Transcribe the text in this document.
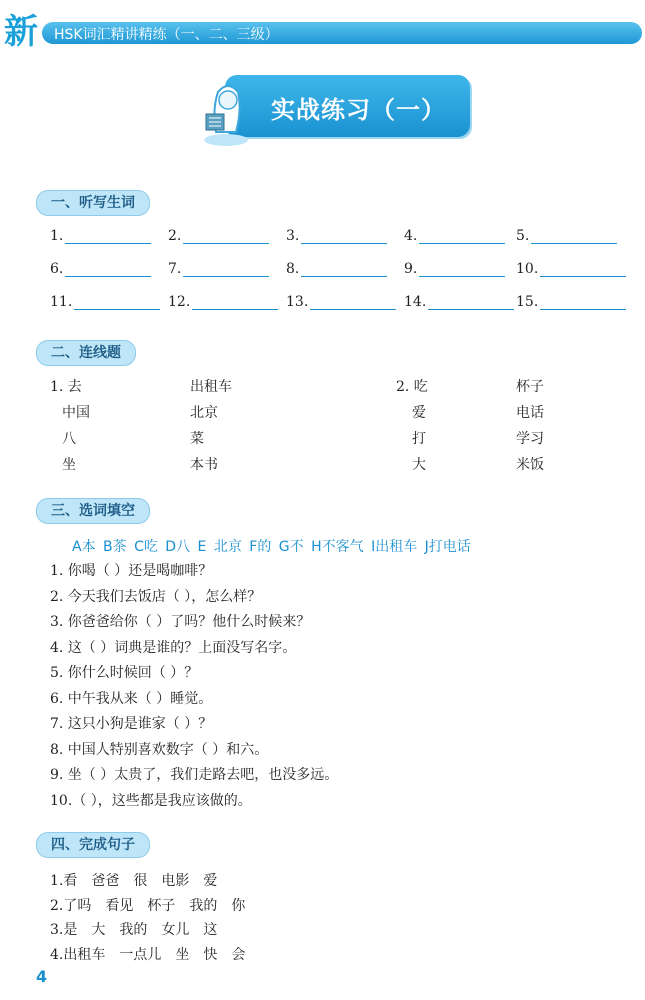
新 HSK词汇精讲精练（一、二、三级）
实战练习（一）
一、听写生词
1.	2.	3.	4.	5.
6.	7.	8.	9.	10.
11.	12.	13.	14.	15.
二、连线题
1. 去	出租车
中国	北京
八	菜
坐	本书
2. 吃	杯子
爱	电话
打	学习
大	米饭
三、选词填空
A本 B茶 C吃 D八 E 北京 F的 G不 H不客气 I出租车 J打电话
1. 你喝（ ）还是喝咖啡？
2. 今天我们去饭店（ ），怎么样？
3. 你爸爸给你（ ）了吗？他什么时候来？
4. 这（ ）词典是谁的？上面没写名字。
5. 你什么时候回（ ）？
6. 中午我从来（ ）睡觉。
7. 这只小狗是谁家（ ）？
8. 中国人特别喜欢数字（ ）和六。
9. 坐（ ）太贵了，我们走路去吧，也没多远。
10.（ ），这些都是我应该做的。
四、完成句子
1.看　爸爸　很　电影　爱
2.了吗　看见　杯子　我的　你
3.是　大　我的　女儿　这
4.出租车　一点儿　坐　快　会
4
